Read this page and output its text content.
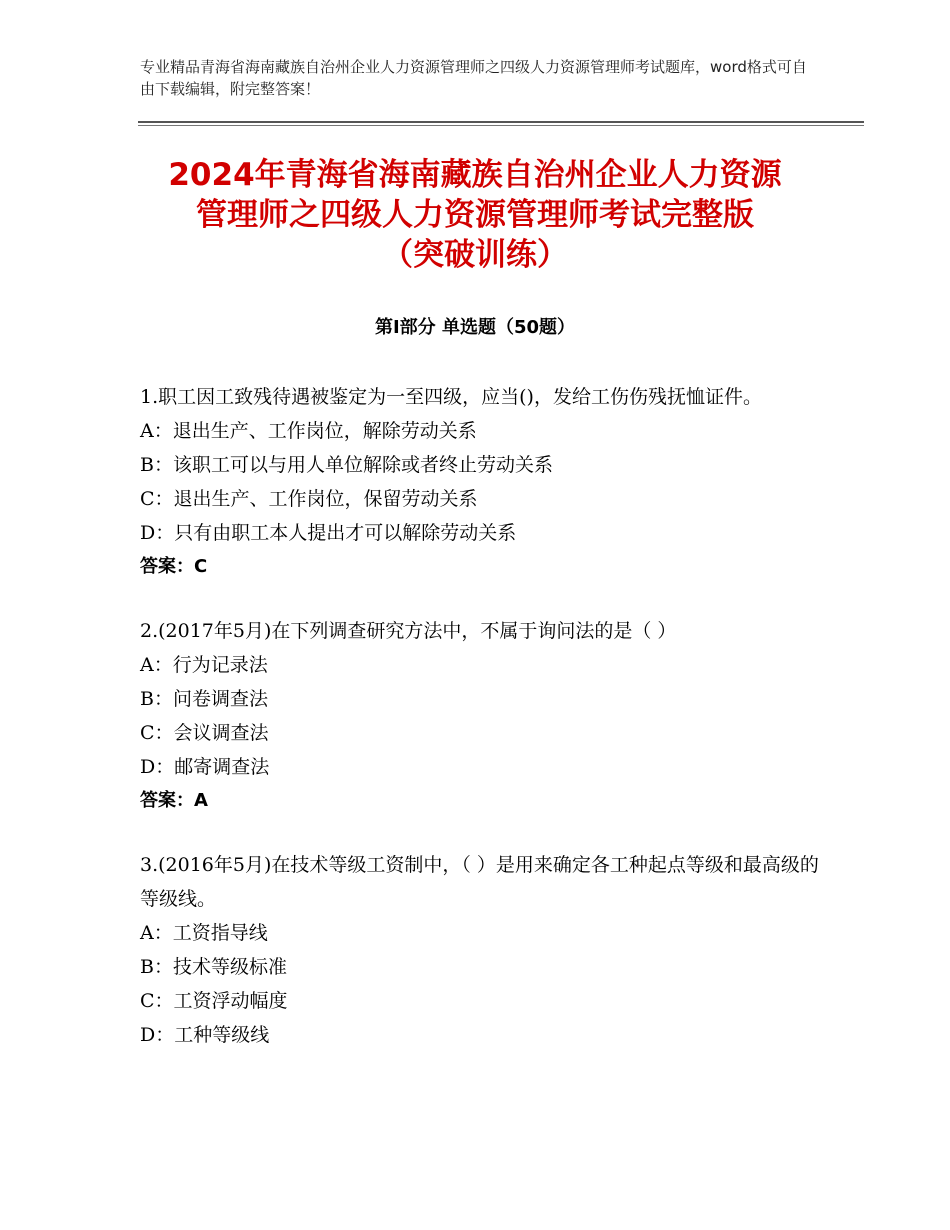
专业精品青海省海南藏族自治州企业人力资源管理师之四级人力资源管理师考试题库，word格式可自由下载编辑，附完整答案！
2024年青海省海南藏族自治州企业人力资源
管理师之四级人力资源管理师考试完整版
（突破训练）
第Ⅰ部分 单选题（50题）

1.职工因工致残待遇被鉴定为一至四级，应当()，发给工伤伤残抚恤证件。

A：退出生产、工作岗位，解除劳动关系

B：该职工可以与用人单位解除或者终止劳动关系

C：退出生产、工作岗位，保留劳动关系

D：只有由职工本人提出才可以解除劳动关系

答案：C

2.(2017年5月)在下列调查研究方法中，不属于询问法的是（ ）

A：行为记录法

B：问卷调查法

C：会议调查法

D：邮寄调查法

答案：A

3.(2016年5月)在技术等级工资制中，（ ）是用来确定各工种起点等级和最高级的等级线。

A：工资指导线

B：技术等级标准

C：工资浮动幅度

D：工种等级线
